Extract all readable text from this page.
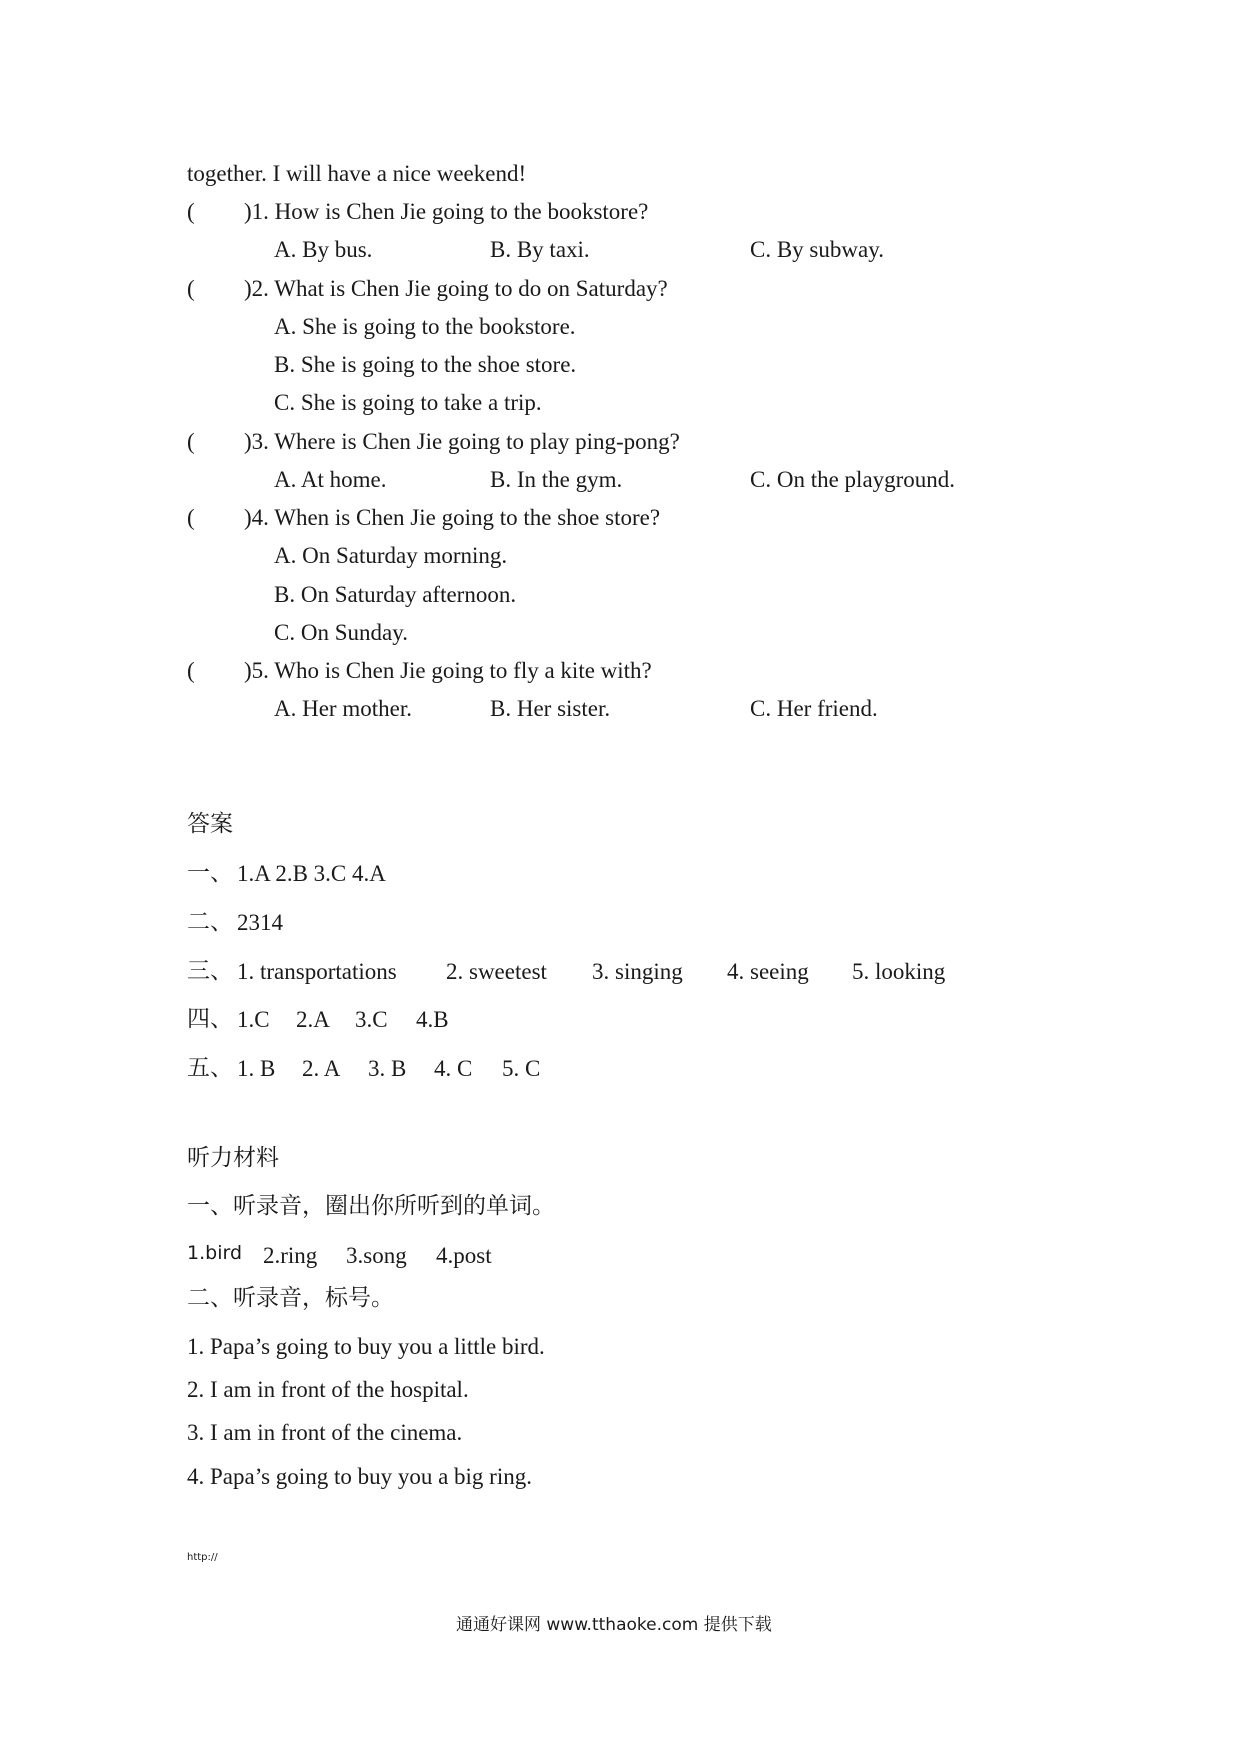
together. I will have a nice weekend!
( )1. How is Chen Jie going to the bookstore?
A. By bus.	B. By taxi.	C. By subway.
( )2. What is Chen Jie going to do on Saturday?
A. She is going to the bookstore.
B. She is going to the shoe store.
C. She is going to take a trip.
( )3. Where is Chen Jie going to play ping-pong?
A. At home.	B. In the gym.	C. On the playground.
( )4. When is Chen Jie going to the shoe store?
A. On Saturday morning.
B. On Saturday afternoon.
C. On Sunday.
( )5. Who is Chen Jie going to fly a kite with?
A. Her mother.	B. Her sister.	C. Her friend.
答案
一、 1.A 2.B 3.C 4.A
二、 2314
三、 1. transportations 2. sweetest 3. singing 4. seeing 5. looking
四、 1.C 2.A 3.C 4.B
五、 1. B 2. A 3. B 4. C 5. C
听力材料
一、听录音，圈出你所听到的单词。
1.bird 2.ring 3.song 4.post
二、听录音，标号。
1. Papa’s going to buy you a little bird.
2. I am in front of the hospital.
3. I am in front of the cinema.
4. Papa’s going to buy you a big ring.
http://
通通好课网 www.tthaoke.com 提供下载
